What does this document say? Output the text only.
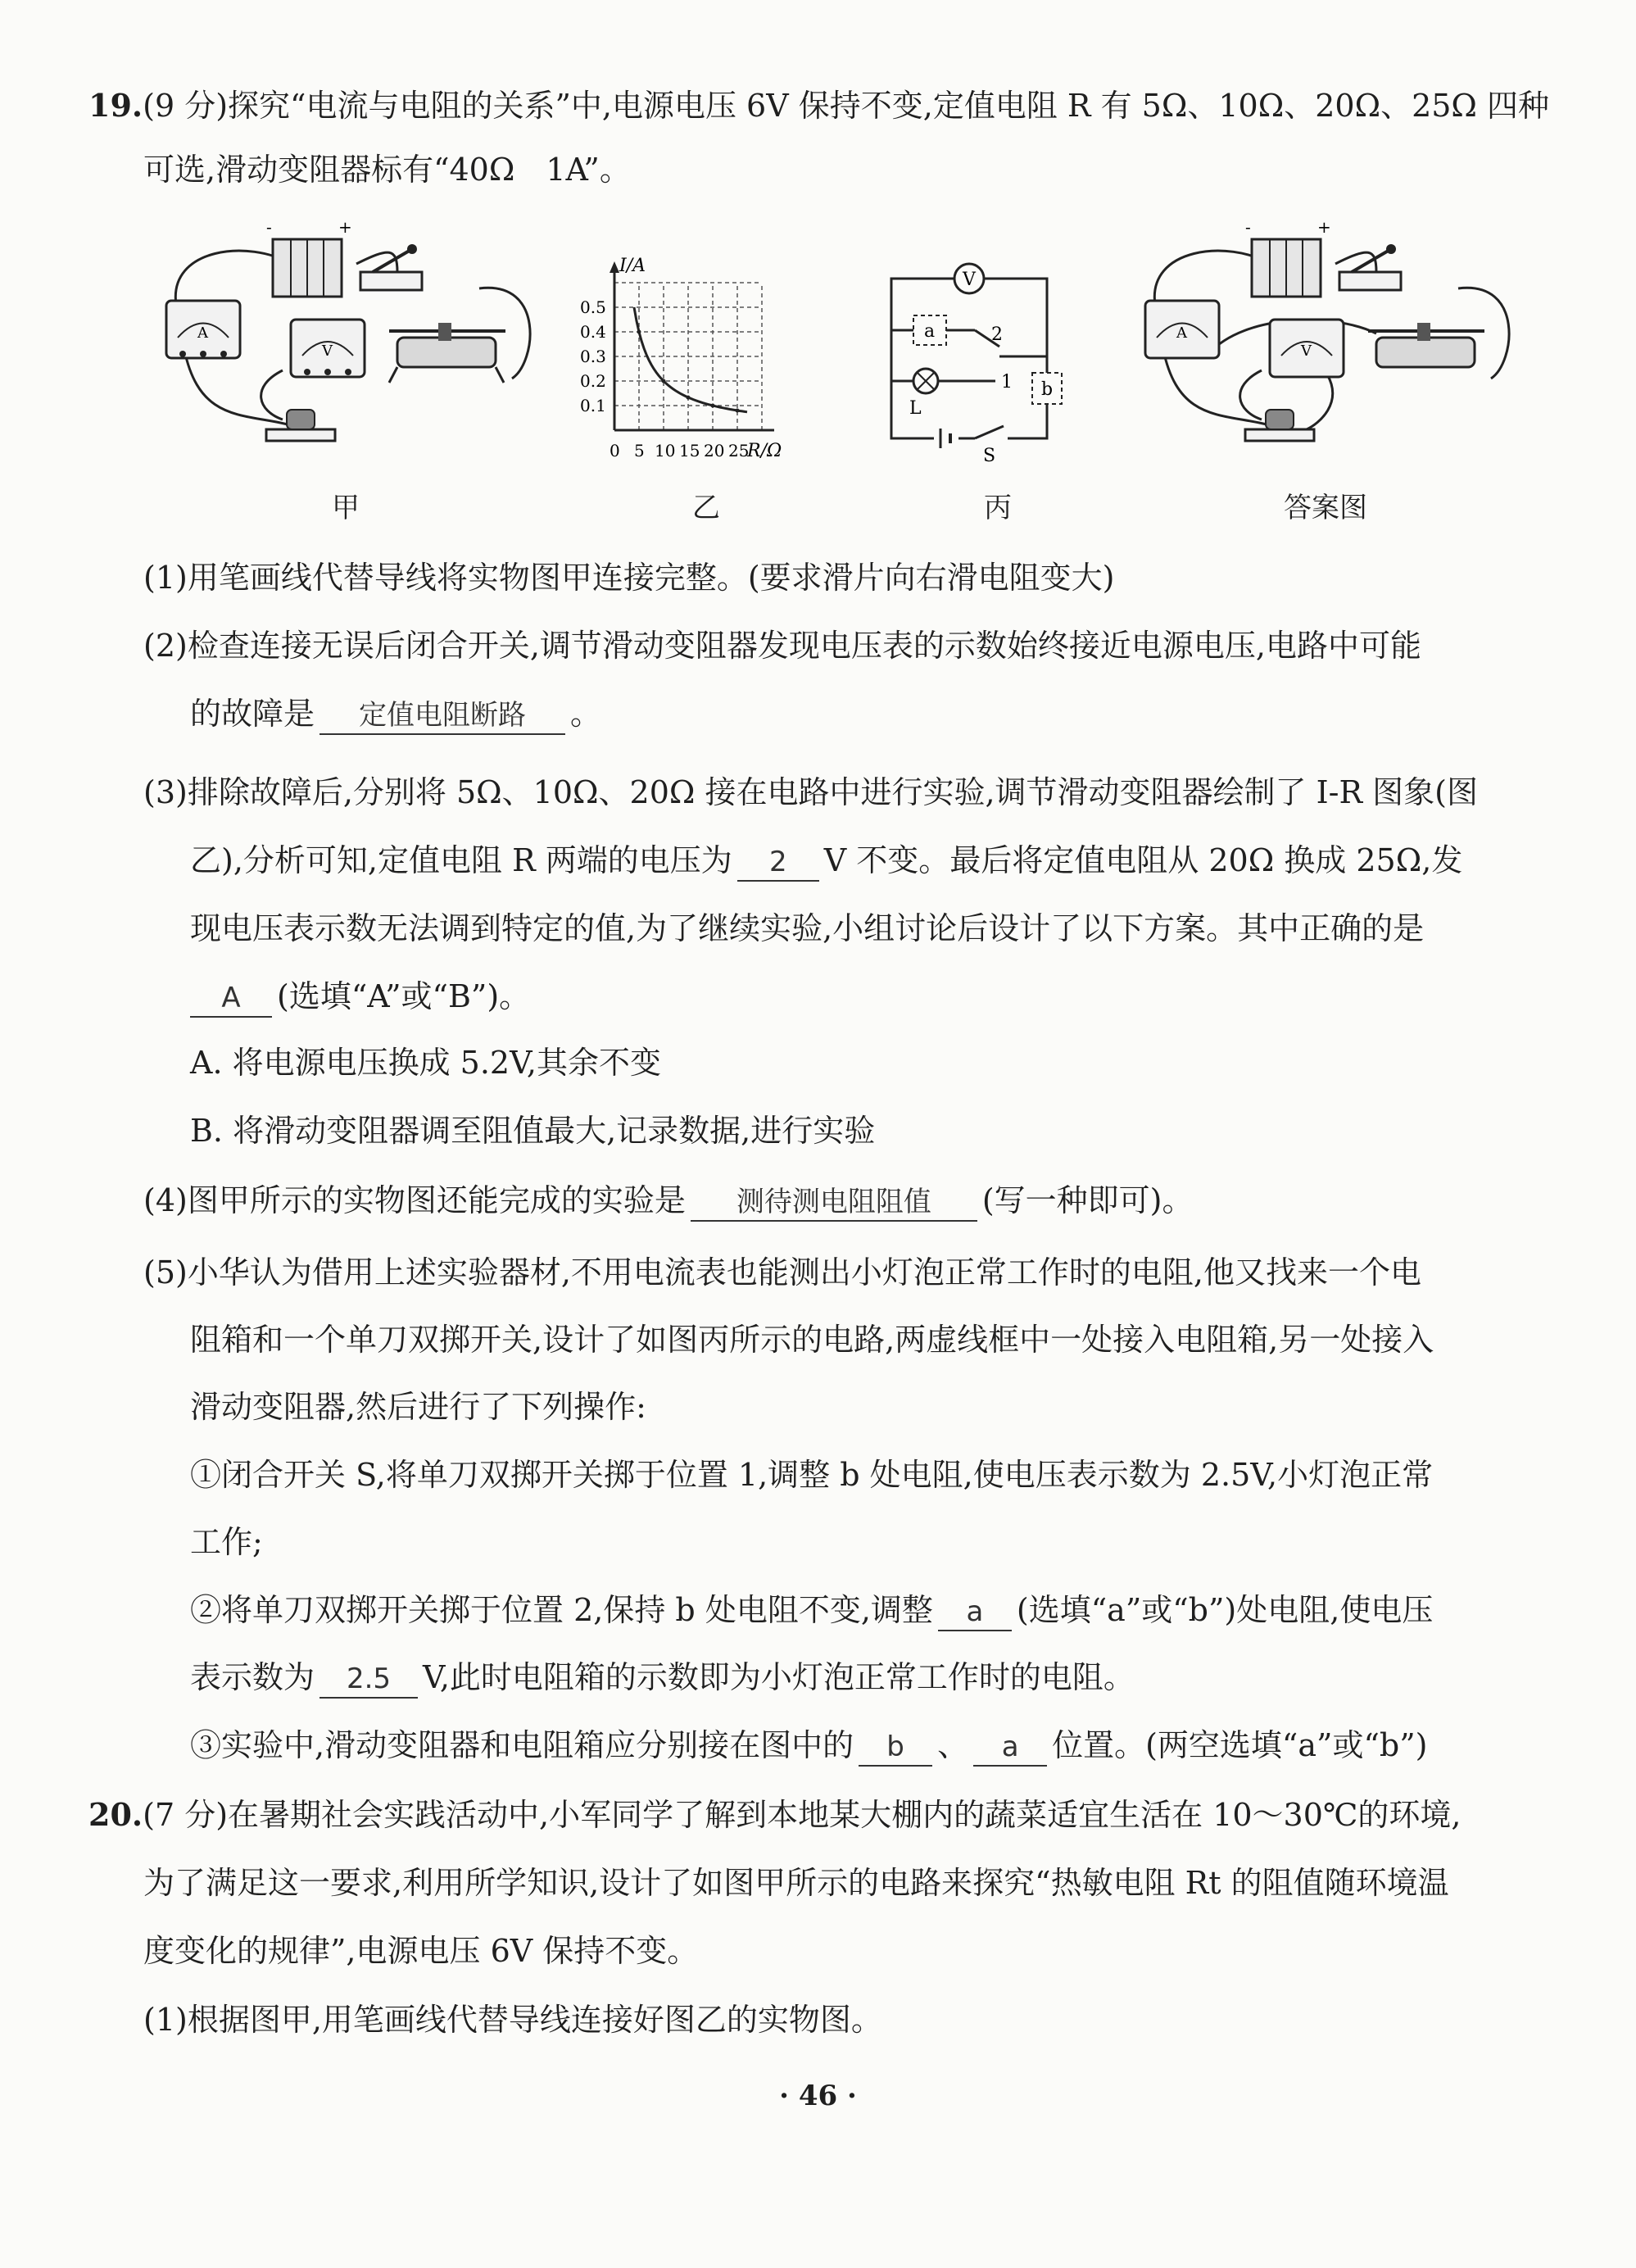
19.(9 分)探究“电流与电阻的关系”中,电源电压 6V 保持不变,定值电阻 R 有 5Ω、10Ω、20Ω、25Ω 四种
可选,滑动变阻器标有“40Ω　1A”。
-	+
A
V
甲
I/A
R/Ω
0.5
0.4
0.3
0.2
0.1
0 5 10 15 20 25
乙
V
a	2
1
L
b
S
丙
-	+
A
V
答案图
(1)用笔画线代替导线将实物图甲连接完整。(要求滑片向右滑电阻变大)
(2)检查连接无误后闭合开关,调节滑动变阻器发现电压表的示数始终接近电源电压,电路中可能
的故障是 定值电阻断路 。
(3)排除故障后,分别将 5Ω、10Ω、20Ω 接在电路中进行实验,调节滑动变阻器绘制了 I-R 图象(图
乙),分析可知,定值电阻 R 两端的电压为 2 V 不变。最后将定值电阻从 20Ω 换成 25Ω,发
现电压表示数无法调到特定的值,为了继续实验,小组讨论后设计了以下方案。其中正确的是
A (选填“A”或“B”)。
A. 将电源电压换成 5.2V,其余不变
B. 将滑动变阻器调至阻值最大,记录数据,进行实验
(4)图甲所示的实物图还能完成的实验是 测待测电阻阻值 (写一种即可)。
(5)小华认为借用上述实验器材,不用电流表也能测出小灯泡正常工作时的电阻,他又找来一个电
阻箱和一个单刀双掷开关,设计了如图丙所示的电路,两虚线框中一处接入电阻箱,另一处接入
滑动变阻器,然后进行了下列操作:
①闭合开关 S,将单刀双掷开关掷于位置 1,调整 b 处电阻,使电压表示数为 2.5V,小灯泡正常
工作;
②将单刀双掷开关掷于位置 2,保持 b 处电阻不变,调整 a (选填“a”或“b”)处电阻,使电压
表示数为 2.5 V,此时电阻箱的示数即为小灯泡正常工作时的电阻。
③实验中,滑动变阻器和电阻箱应分别接在图中的 b 、 a 位置。(两空选填“a”或“b”)
20.(7 分)在暑期社会实践活动中,小军同学了解到本地某大棚内的蔬菜适宜生活在 10～30℃的环境,
为了满足这一要求,利用所学知识,设计了如图甲所示的电路来探究“热敏电阻 Rt 的阻值随环境温
度变化的规律”,电源电压 6V 保持不变。
(1)根据图甲,用笔画线代替导线连接好图乙的实物图。
· 46 ·
